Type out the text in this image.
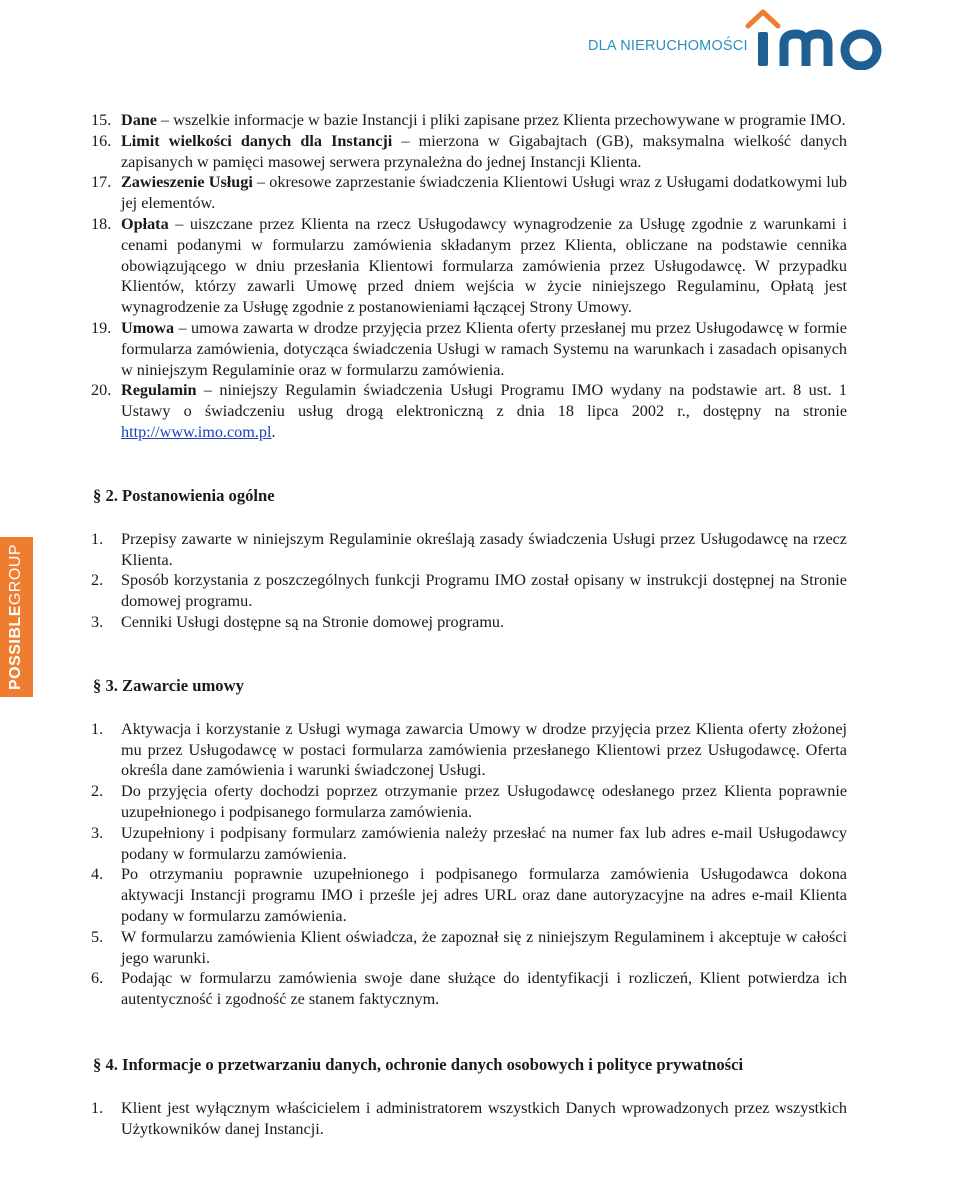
DLA NIERUCHOMOŚCI
POSSIBLEGROUP
15. Dane – wszelkie informacje w bazie Instancji i pliki zapisane przez Klienta przechowywane w programie IMO.
16. Limit wielkości danych dla Instancji – mierzona w Gigabajtach (GB), maksymalna wielkość danych zapisanych w pamięci masowej serwera przynależna do jednej Instancji Klienta.
17. Zawieszenie Usługi – okresowe zaprzestanie świadczenia Klientowi Usługi wraz z Usługami dodatkowymi lub jej elementów.
18. Opłata – uiszczane przez Klienta na rzecz Usługodawcy wynagrodzenie za Usługę zgodnie z warunkami i cenami podanymi w formularzu zamówienia składanym przez Klienta, obliczane na podstawie cennika obowiązującego w dniu przesłania Klientowi formularza zamówienia przez Usługodawcę. W przypadku Klientów, którzy zawarli Umowę przed dniem wejścia w życie niniejszego Regulaminu, Opłatą jest wynagrodzenie za Usługę zgodnie z postanowieniami łączącej Strony Umowy.
19. Umowa – umowa zawarta w drodze przyjęcia przez Klienta oferty przesłanej mu przez Usługodawcę w formie formularza zamówienia, dotycząca świadczenia Usługi w ramach Systemu na warunkach i zasadach opisanych w niniejszym Regulaminie oraz w formularzu zamówienia.
20. Regulamin – niniejszy Regulamin świadczenia Usługi Programu IMO wydany na podstawie art. 8 ust. 1 Ustawy o świadczeniu usług drogą elektroniczną z dnia 18 lipca 2002 r., dostępny na stronie http://www.imo.com.pl.
§ 2. Postanowienia ogólne
1. Przepisy zawarte w niniejszym Regulaminie określają zasady świadczenia Usługi przez Usługodawcę na rzecz Klienta.
2. Sposób korzystania z poszczególnych funkcji Programu IMO został opisany w instrukcji dostępnej na Stronie domowej programu.
3. Cenniki Usługi dostępne są na Stronie domowej programu.
§ 3. Zawarcie umowy
1. Aktywacja i korzystanie z Usługi wymaga zawarcia Umowy w drodze przyjęcia przez Klienta oferty złożonej mu przez Usługodawcę w postaci formularza zamówienia przesłanego Klientowi przez Usługodawcę. Oferta określa dane zamówienia i warunki świadczonej Usługi.
2. Do przyjęcia oferty dochodzi poprzez otrzymanie przez Usługodawcę odesłanego przez Klienta poprawnie uzupełnionego i podpisanego formularza zamówienia.
3. Uzupełniony i podpisany formularz zamówienia należy przesłać na numer fax lub adres e-mail Usługodawcy podany w formularzu zamówienia.
4. Po otrzymaniu poprawnie uzupełnionego i podpisanego formularza zamówienia Usługodawca dokona aktywacji Instancji programu IMO i prześle jej adres URL oraz dane autoryzacyjne na adres e-mail Klienta podany w formularzu zamówienia.
5. W formularzu zamówienia Klient oświadcza, że zapoznał się z niniejszym Regulaminem i akceptuje w całości jego warunki.
6. Podając w formularzu zamówienia swoje dane służące do identyfikacji i rozliczeń, Klient potwierdza ich autentyczność i zgodność ze stanem faktycznym.
§ 4. Informacje o przetwarzaniu danych, ochronie danych osobowych i polityce prywatności
1. Klient jest wyłącznym właścicielem i administratorem wszystkich Danych wprowadzonych przez wszystkich Użytkowników danej Instancji.
